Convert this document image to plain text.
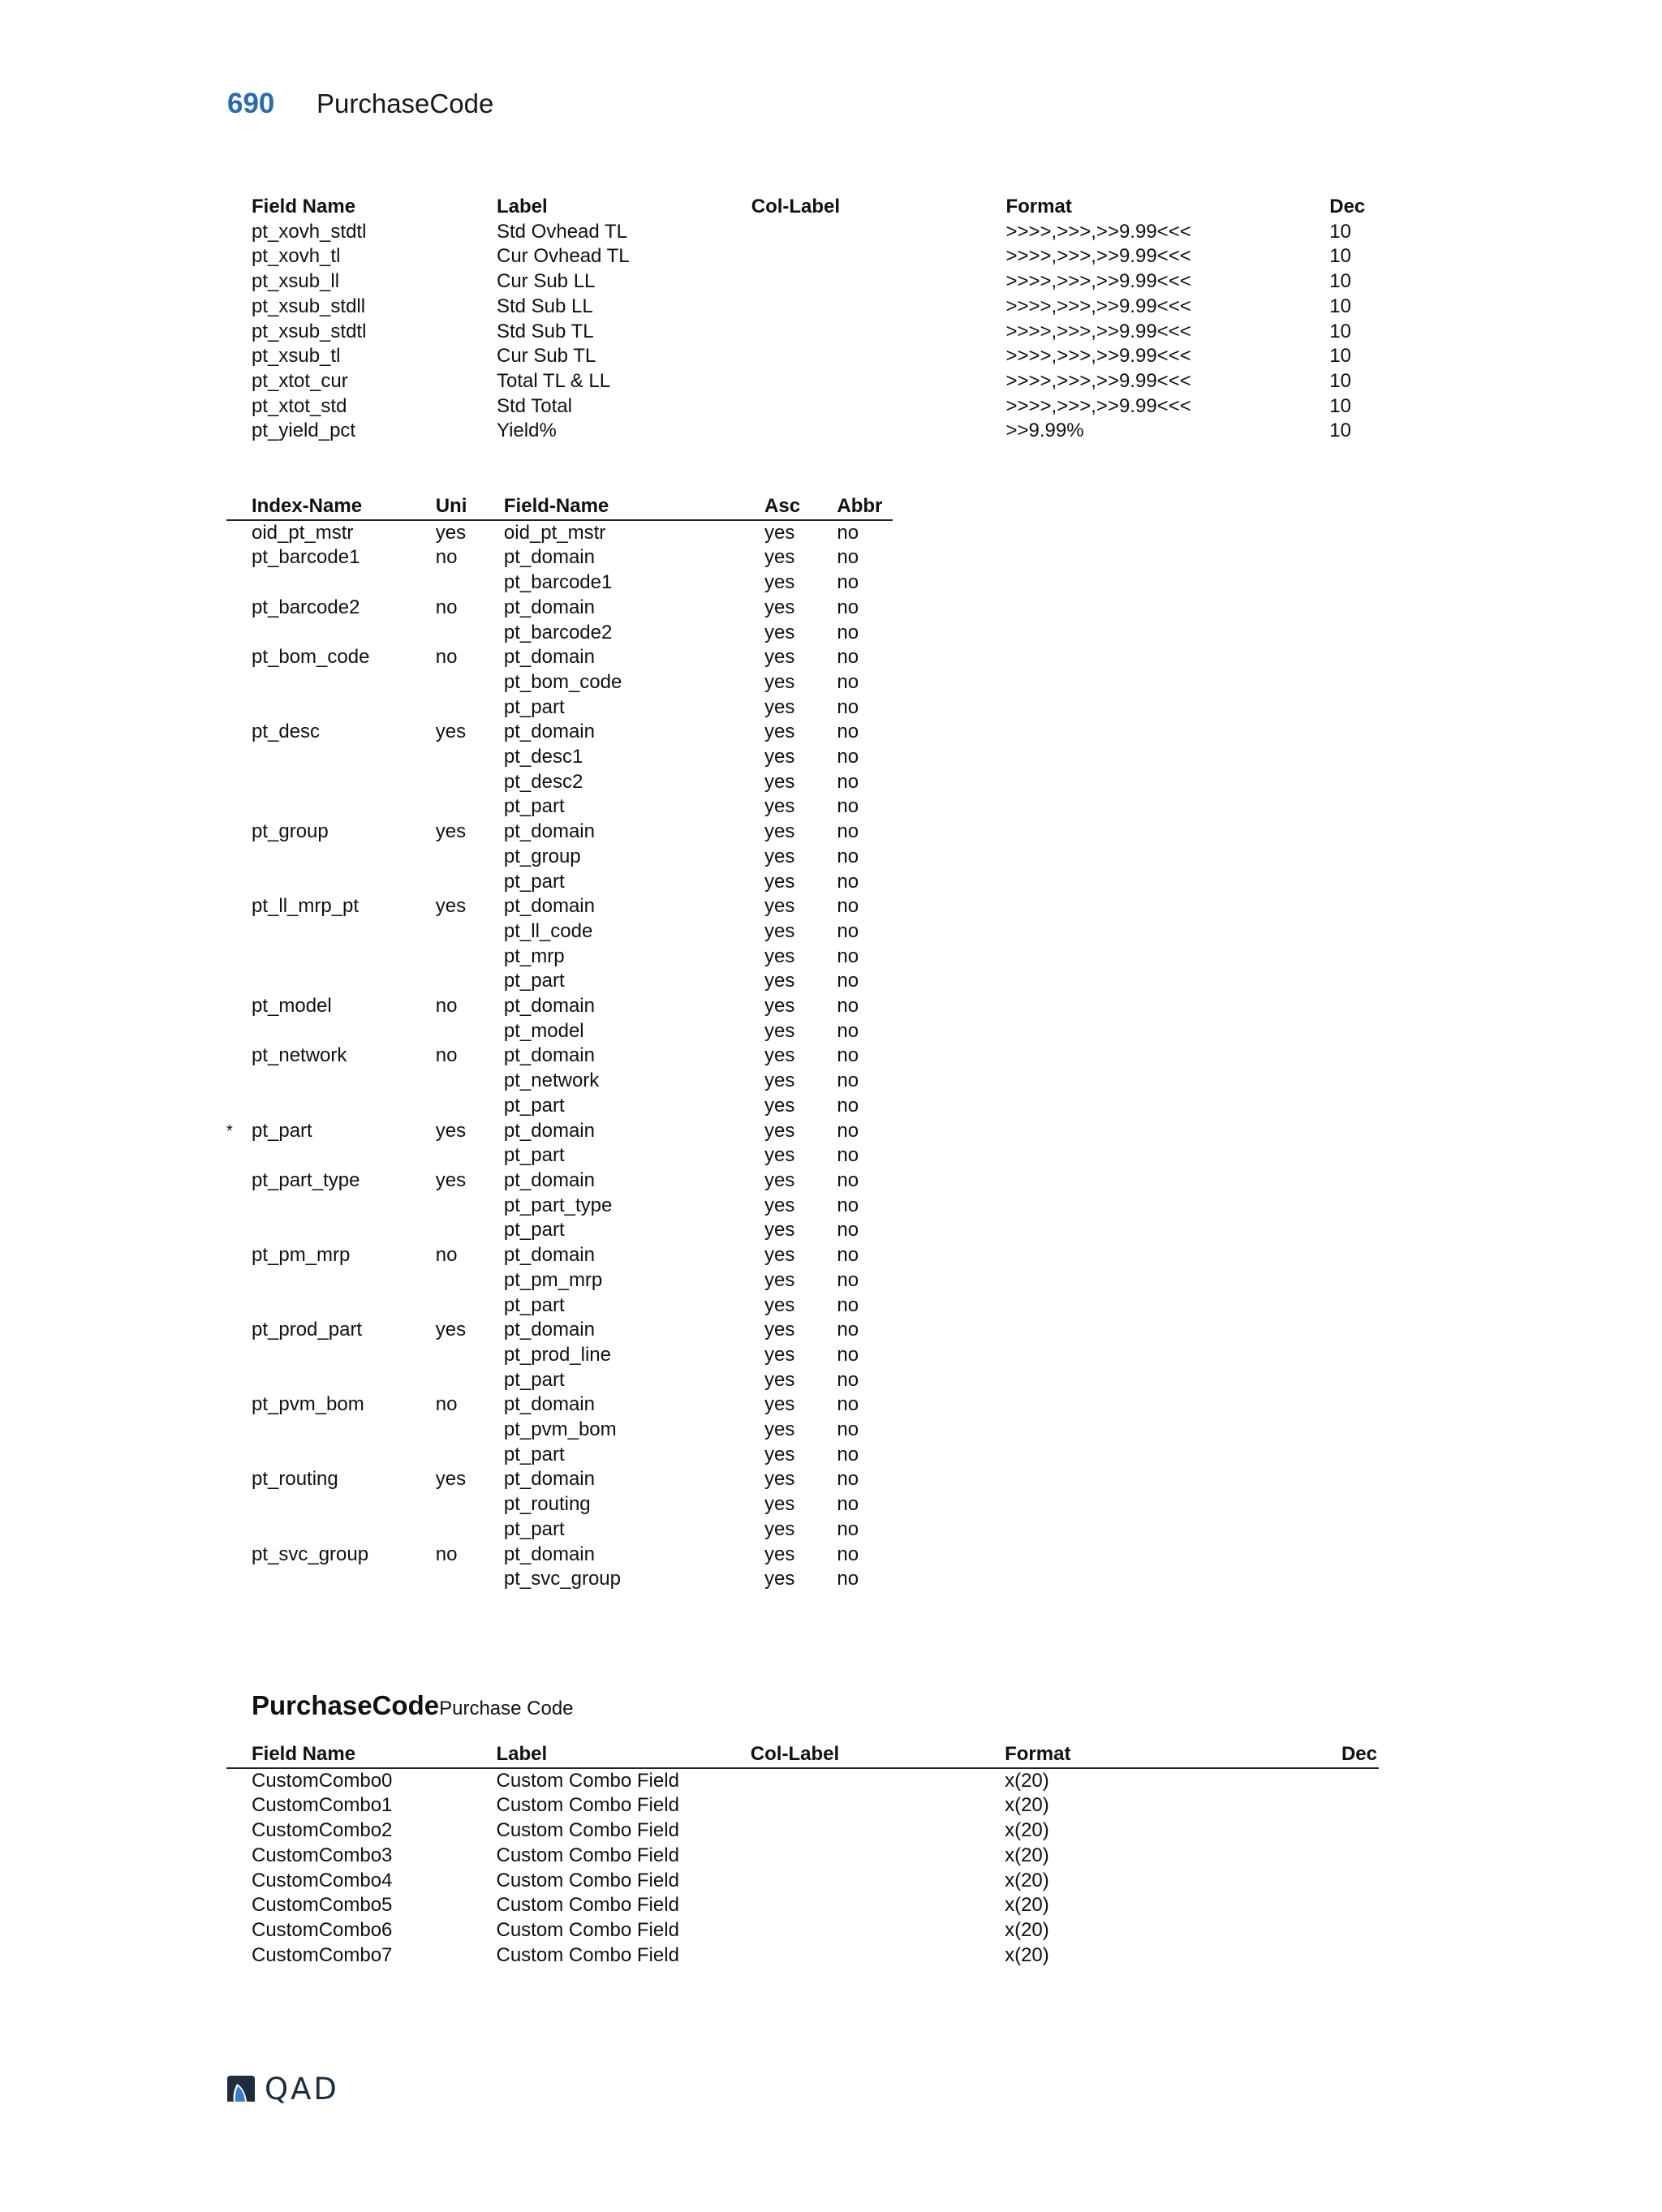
690	PurchaseCode
Field Name	Label	Col-Label	Format	Dec
pt_xovh_stdtl	Std Ovhead TL		>>>>,>>>,>>9.99<<<	10
pt_xovh_tl	Cur Ovhead TL		>>>>,>>>,>>9.99<<<	10
pt_xsub_ll	Cur Sub LL		>>>>,>>>,>>9.99<<<	10
pt_xsub_stdll	Std Sub LL		>>>>,>>>,>>9.99<<<	10
pt_xsub_stdtl	Std Sub TL		>>>>,>>>,>>9.99<<<	10
pt_xsub_tl	Cur Sub TL		>>>>,>>>,>>9.99<<<	10
pt_xtot_cur	Total TL & LL		>>>>,>>>,>>9.99<<<	10
pt_xtot_std	Std Total		>>>>,>>>,>>9.99<<<	10
pt_yield_pct	Yield%		>>9.99%	10
Index-Name	Uni	Field-Name	Asc	Abbr
oid_pt_mstr	yes	oid_pt_mstr	yes	no
pt_barcode1	no	pt_domain	yes	no
		pt_barcode1	yes	no
pt_barcode2	no	pt_domain	yes	no
		pt_barcode2	yes	no
pt_bom_code	no	pt_domain	yes	no
		pt_bom_code	yes	no
		pt_part	yes	no
pt_desc	yes	pt_domain	yes	no
		pt_desc1	yes	no
		pt_desc2	yes	no
		pt_part	yes	no
pt_group	yes	pt_domain	yes	no
		pt_group	yes	no
		pt_part	yes	no
pt_ll_mrp_pt	yes	pt_domain	yes	no
		pt_ll_code	yes	no
		pt_mrp	yes	no
		pt_part	yes	no
pt_model	no	pt_domain	yes	no
		pt_model	yes	no
pt_network	no	pt_domain	yes	no
		pt_network	yes	no
		pt_part	yes	no

* pt_part	yes	pt_domain	yes	no
		pt_part	yes	no
pt_part_type	yes	pt_domain	yes	no
		pt_part_type	yes	no
		pt_part	yes	no
pt_pm_mrp	no	pt_domain	yes	no
		pt_pm_mrp	yes	no
		pt_part	yes	no
pt_prod_part	yes	pt_domain	yes	no
		pt_prod_line	yes	no
		pt_part	yes	no
pt_pvm_bom	no	pt_domain	yes	no
		pt_pvm_bom	yes	no
		pt_part	yes	no
pt_routing	yes	pt_domain	yes	no
		pt_routing	yes	no
		pt_part	yes	no
pt_svc_group	no	pt_domain	yes	no
		pt_svc_group	yes	no
PurchaseCode Purchase Code
Field Name	Label	Col-Label	Format	Dec
CustomCombo0	Custom Combo Field		x(20)	
CustomCombo1	Custom Combo Field		x(20)	
CustomCombo2	Custom Combo Field		x(20)	
CustomCombo3	Custom Combo Field		x(20)	
CustomCombo4	Custom Combo Field		x(20)	
CustomCombo5	Custom Combo Field		x(20)	
CustomCombo6	Custom Combo Field		x(20)	
CustomCombo7	Custom Combo Field		x(20)	
QAD
